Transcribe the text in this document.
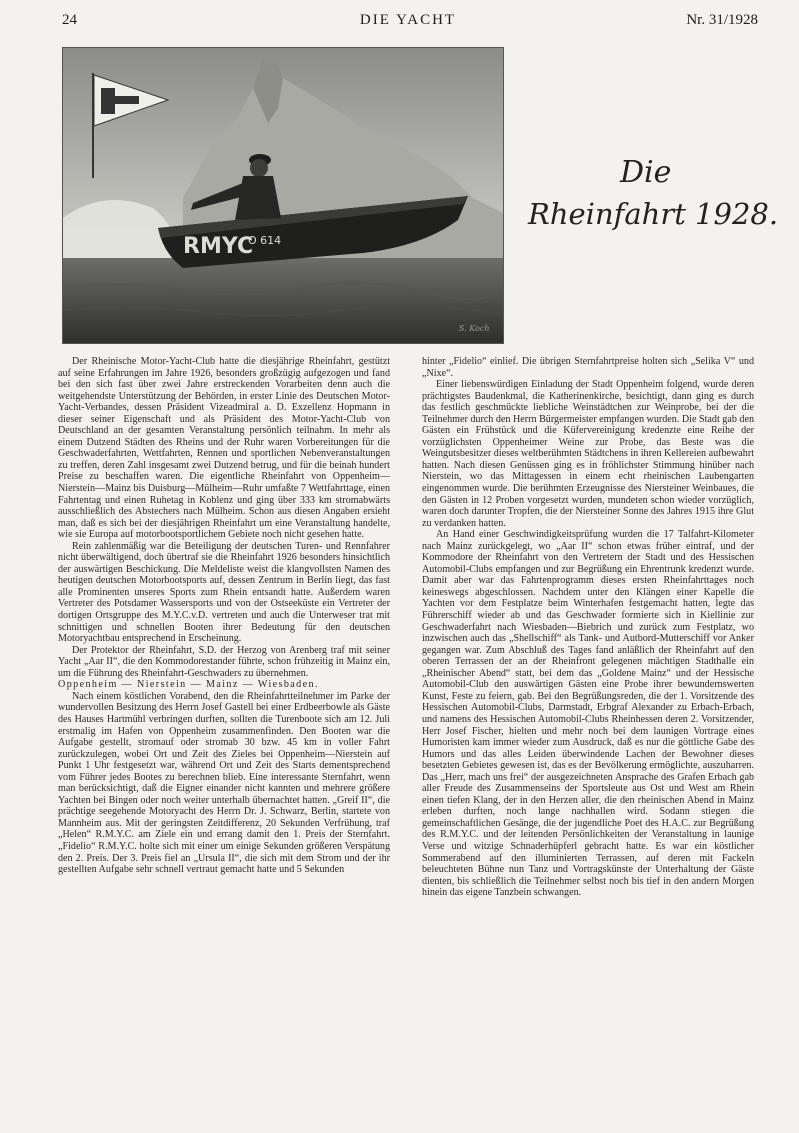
24	DIE YACHT	Nr. 31/1928
RMYC
O 614
S. Koch
Die
Rheinfahrt 1928.

Der Rheinische Motor-Yacht-Club hatte die diesjährige Rheinfahrt, gestützt auf seine Erfahrungen im Jahre 1926, besonders großzügig aufgezogen und fand bei den sich fast über zwei Jahre erstreckenden Vorarbeiten denn auch die weitgehendste Unterstützung der Behörden, in erster Linie des Deutschen Motor-Yacht-Verbandes, dessen Präsident Vizeadmiral a. D. Exzellenz Hopmann in dieser seiner Eigenschaft und als Präsident des Motor-Yacht-Club von Deutschland an der gesamten Veranstaltung persönlich teilnahm. In mehr als einem Dutzend Städten des Rheins und der Ruhr waren Vorbereitungen für die Geschwaderfahrten, Wettfahrten, Rennen und sportlichen Nebenveranstaltungen zu treffen, deren Zahl insgesamt zwei Dutzend betrug, und für die beinah hundert Preise zu beschaffen waren. Die eigentliche Rheinfahrt von Oppenheim—Nierstein—Mainz bis Duisburg—Mülheim—Ruhr umfaßte 7 Wettfahrttage, einen Fahrtentag und einen Ruhetag in Koblenz und ging über 333 km stromabwärts ausschließlich des Abstechers nach Mülheim. Schon aus diesen Angaben ersieht man, daß es sich bei der diesjährigen Rheinfahrt um eine Veranstaltung handelte, wie sie Europa auf motorbootsportlichem Gebiete noch nicht gesehen hatte.

Rein zahlenmäßig war die Beteiligung der deutschen Turen- und Rennfahrer nicht überwältigend, doch übertraf sie die Rheinfahrt 1926 besonders hinsichtlich der auswärtigen Beschickung. Die Meldeliste weist die klangvollsten Namen des heutigen deutschen Motorbootsports auf, dessen Zentrum in Berlin liegt, das fast alle Prominenten unseres Sports zum Rhein entsandt hatte. Außerdem waren Vertreter des Potsdamer Wassersports und von der Ostseeküste ein Vertreter der dortigen Ortsgruppe des M.Y.C.v.D. vertreten und auch die Unterweser trat mit schnittigen und schnellen Booten ihrer Bedeutung für den deutschen Motoryachtbau entsprechend in Erscheinung.

Der Protektor der Rheinfahrt, S.D. der Herzog von Arenberg traf mit seiner Yacht „Aar II“, die den Kommodorestander führte, schon frühzeitig in Mainz ein, um die Führung des Rheinfahrt-Geschwaders zu übernehmen.

Oppenheim — Nierstein — Mainz — Wiesbaden.

Nach einem köstlichen Vorabend, den die Rheinfahrtteilnehmer im Parke der wundervollen Besitzung des Herrn Josef Gastell bei einer Erdbeerbowle als Gäste des Hauses Hartmühl verbringen durften, sollten die Turenboote sich am 12. Juli erstmalig im Hafen von Oppenheim zusammenfinden. Den Booten war die Aufgabe gestellt, stromauf oder stromab 30 bzw. 45 km in voller Fahrt zurückzulegen, wobei Ort und Zeit des Zieles bei Oppenheim—Nierstein auf Punkt 1 Uhr festgesetzt war, während Ort und Zeit des Starts dementsprechend vom Führer jedes Bootes zu berechnen blieb. Eine interessante Sternfahrt, wenn man berücksichtigt, daß die Eigner einander nicht kannten und mehrere größere Yachten bei Bingen oder noch weiter unterhalb übernachtet hatten. „Greif II“, die prächtige seegehende Motoryacht des Herrn Dr. J. Schwarz, Berlin, startete von Mannheim aus. Mit der geringsten Zeitdifferenz, 20 Sekunden Verfrühung, traf „Helen“ R.M.Y.C. am Ziele ein und errang damit den 1. Preis der Sternfahrt. „Fidelio“ R.M.Y.C. holte sich mit einer um einige Sekunden größeren Verspätung den 2. Preis. Der 3. Preis fiel an „Ursula II“, die sich mit dem Strom und der ihr gestellten Aufgabe sehr schnell vertraut gemacht hatte und 5 Sekunden

hinter „Fidelio“ einlief. Die übrigen Sternfahrtpreise holten sich „Selika V“ und „Nixe“.

Einer liebenswürdigen Einladung der Stadt Oppenheim folgend, wurde deren prächtigstes Baudenkmal, die Katherinenkirche, besichtigt, dann ging es durch das festlich geschmückte liebliche Weinstädtchen zur Weinprobe, bei der die Teilnehmer durch den Herrn Bürgermeister empfangen wurden. Die Stadt gab den Gästen ein Frühstück und die Küfervereinigung kredenzte eine Reihe der vorzüglichsten Oppenheimer Weine zur Probe, das Beste was die Weingutsbesitzer dieses weltberühmten Städtchens in ihren Kellereien aufbewahrt hatten. Nach diesen Genüssen ging es in fröhlichster Stimmung hinüber nach Nierstein, wo das Mittagessen in einem echt rheinischen Laubengarten eingenommen wurde. Die berühmten Erzeugnisse des Niersteiner Weinbaues, die den Gästen in 12 Proben vorgesetzt wurden, mundeten schon wieder vorzüglich, waren doch darunter Tropfen, die der Niersteiner Sonne des Jahres 1915 ihre Glut zu verdanken hatten.

An Hand einer Geschwindigkeitsprüfung wurden die 17 Talfahrt-Kilometer nach Mainz zurückgelegt, wo „Aar II“ schon etwas früher eintraf, und der Kommodore der Rheinfahrt von den Vertretern der Stadt und des Hessischen Automobil-Clubs empfangen und zur Begrüßung ein Ehrentrunk kredenzt wurde. Damit aber war das Fahrtenprogramm dieses ersten Rheinfahrttages noch keineswegs abgeschlossen. Nachdem unter den Klängen einer Kapelle die Yachten vor dem Festplatze beim Winterhafen festgemacht hatten, legte das Führerschiff wieder ab und das Geschwader formierte sich in Kiellinie zur Geschwaderfahrt nach Wiesbaden—Biebrich und zurück zum Festplatz, wo inzwischen auch das „Shellschiff“ als Tank- und Autbord-Mutterschiff vor Anker gegangen war. Zum Abschluß des Tages fand anläßlich der Rheinfahrt auf den oberen Terrassen der an der Rheinfront gelegenen mächtigen Stadthalle ein „Rheinischer Abend“ statt, bei dem das „Goldene Mainz“ und der Hessische Automobil-Club den auswärtigen Gästen eine Probe ihrer bewundernswerten Kunst, Feste zu feiern, gab. Bei den Begrüßungsreden, die der 1. Vorsitzende des Hessischen Automobil-Clubs, Darmstadt, Erbgraf Alexander zu Erbach-Erbach, und namens des Hessischen Automobil-Clubs Rheinhessen deren 2. Vorsitzender, Herr Josef Fischer, hielten und mehr noch bei dem launigen Vortrage eines Humoristen kam immer wieder zum Ausdruck, daß es nur die göttliche Gabe des Humors und das alles Leiden überwindende Lachen der Bewohner dieses besetzten Gebietes gewesen ist, das es der Bevölkerung ermöglichte, auszuharren. Das „Herr, mach uns frei“ der ausgezeichneten Ansprache des Grafen Erbach gab aller Freude des Zusammenseins der Sportsleute aus Ost und West am Rhein einen tiefen Klang, der in den Herzen aller, die den rheinischen Abend in Mainz erleben durften, noch lange nachhallen wird. Sodann stiegen die gemeinschaftlichen Gesänge, die der jugendliche Poet des H.A.C. zur Begrüßung des R.M.Y.C. und der leitenden Persönlichkeiten der Veranstaltung in launige Verse und witzige Schnaderhüpferl gebracht hatte. Es war ein köstlicher Sommerabend auf den illuminierten Terrassen, auf deren mit Fackeln beleuchteten Bühne nun Tanz und Vortragskünste der Unterhaltung der Gäste dienten, bis schließlich die Teilnehmer selbst noch bis tief in den andern Morgen hinein das eigene Tanzbein schwangen.
